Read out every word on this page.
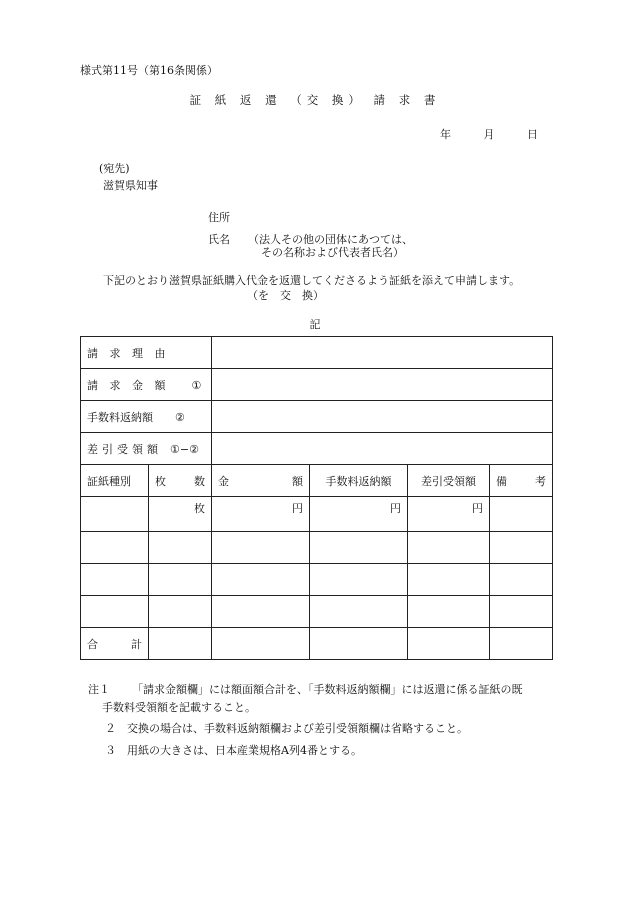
様式第11号（第16条関係）
証 紙 返 還 （交 換） 請 求 書
年	月	日
(宛先)
滋賀県知事
住所
氏名 （法人その他の団体にあつては、
その名称および代表者氏名）
下記のとおり滋賀県証紙購入代金を返還してくださるよう証紙を添えて申請します。
（を　交　換）
記
請 求 理 由					
請 求 金 額 ①					
手数料返納額 ②					
差引受領額 ①−②					
証紙種別	枚 数	金 額	手数料返納額	差引受領額	備 考

	枚	円	円	円	

合 計					

注１ 「請求金額欄」には額面額合計を、「手数料返納額欄」には返還に係る証紙の既
手数料受領額を記載すること。
２ 交換の場合は、手数料返納額欄および差引受領額欄は省略すること。
３ 用紙の大きさは、日本産業規格A列4番とする。
